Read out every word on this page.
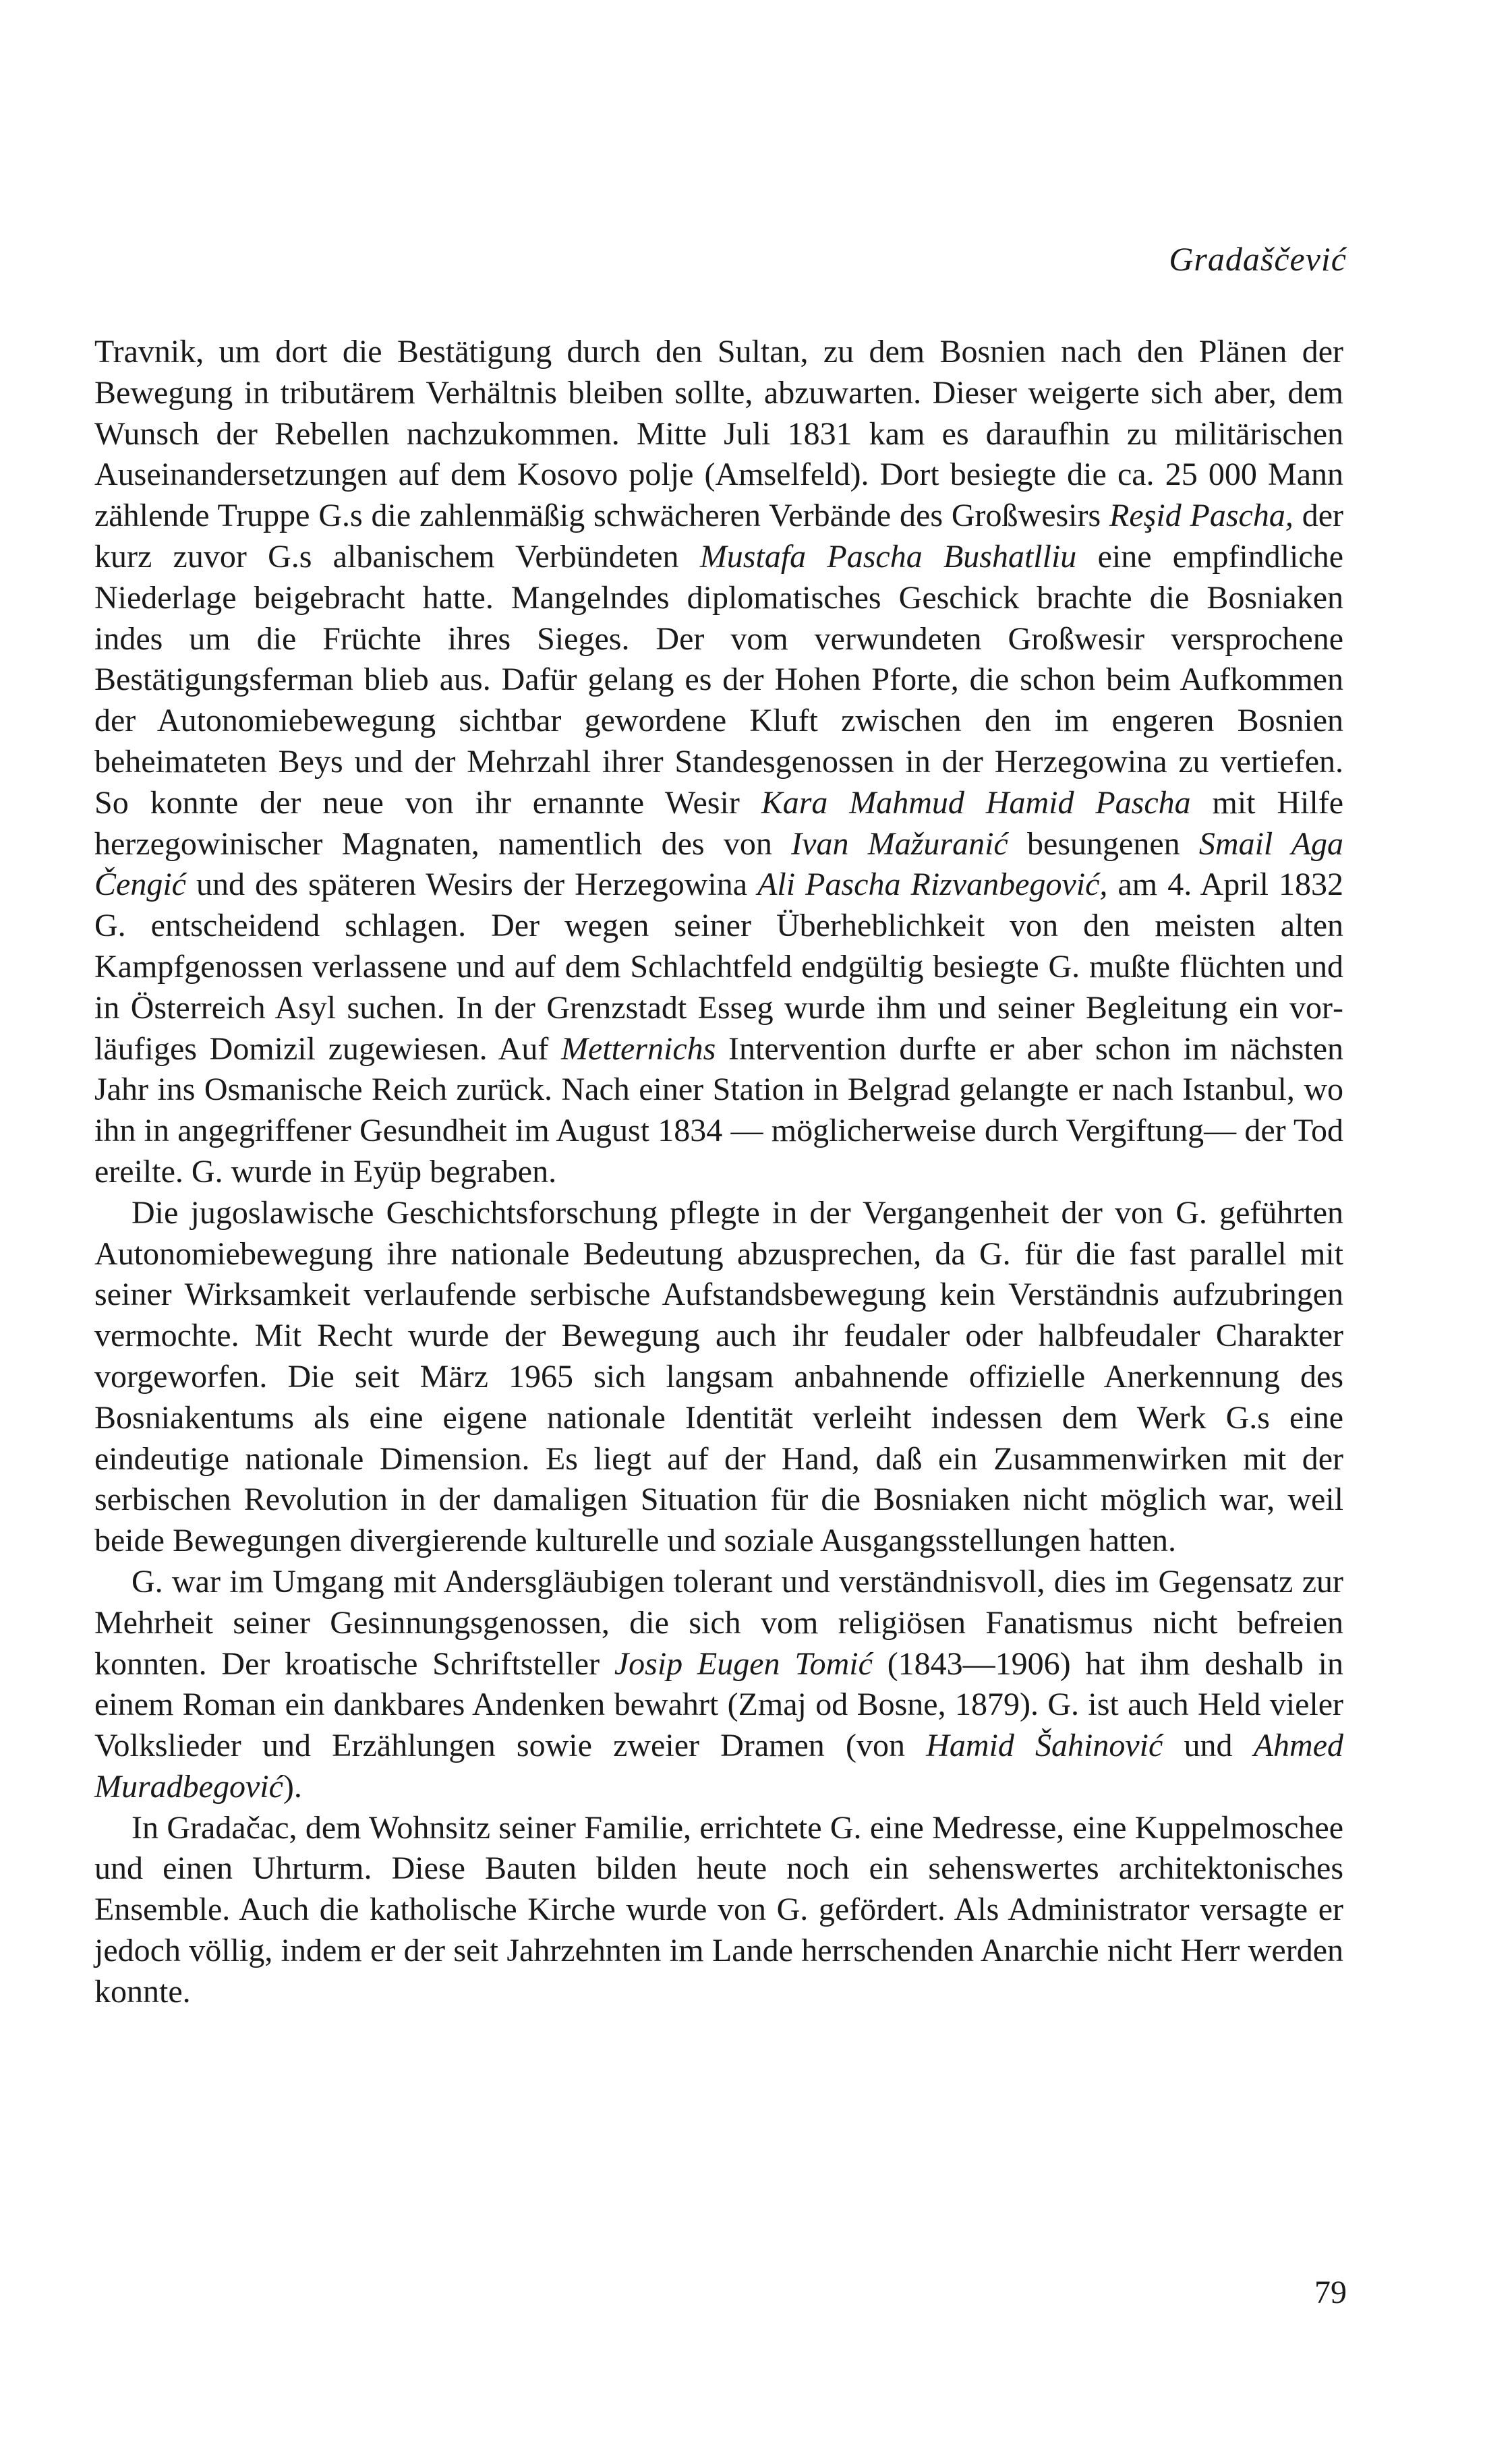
Gradaščević

Travnik, um dort die Bestätigung durch den Sultan, zu dem Bosnien nach den Plänen der Bewegung in tributärem Verhältnis bleiben sollte, abzuwarten. Dieser weigerte sich aber, dem Wunsch der Rebellen nachzukommen. Mitte Juli 1831 kam es daraufhin zu militärischen Auseinandersetzungen auf dem Kosovo polje (Amselfeld). Dort besiegte die ca. 25 000 Mann zählende Truppe G.s die zahlenmäßig schwächeren Verbände des Großwesirs Reşid Pascha, der kurz zuvor G.s albanischem Verbündeten Mustafa Pascha Bushatlliu eine empfindliche Niederlage beigebracht hatte. Mangelndes diplomatisches Geschick brachte die Bosniaken indes um die Früchte ihres Sieges. Der vom verwundeten Großwesir versprochene Bestätigungsferman blieb aus. Dafür gelang es der Hohen Pforte, die schon beim Aufkommen der Autonomiebewegung sichtbar gewordene Kluft zwischen den im engeren Bosnien beheimateten Beys und der Mehrzahl ihrer Standesgenossen in der Herzegowina zu vertiefen. So konnte der neue von ihr ernannte Wesir Kara Mahmud Hamid Pascha mit Hilfe herzegowinischer Magnaten, namentlich des von Ivan Mažuranić besungenen Smail Aga Čengić und des späteren Wesirs der Herzegowina Ali Pascha Rizvanbegović, am 4. April 1832 G. entscheidend schlagen. Der wegen seiner Überheblichkeit von den meisten alten Kampfgenossen verlassene und auf dem Schlachtfeld endgültig besiegte G. mußte flüchten und in Österreich Asyl suchen. In der Grenzstadt Esseg wurde ihm und seiner Begleitung ein vorläufiges Domizil zugewiesen. Auf Metternichs Intervention durfte er aber schon im nächsten Jahr ins Osmanische Reich zurück. Nach einer Station in Belgrad gelangte er nach Istanbul, wo ihn in angegriffener Gesundheit im August 1834 — möglicherweise durch Vergiftung— der Tod ereilte. G. wurde in Eyüp begraben.

Die jugoslawische Geschichtsforschung pflegte in der Vergangenheit der von G. geführten Autonomiebewegung ihre nationale Bedeutung abzusprechen, da G. für die fast parallel mit seiner Wirksamkeit verlaufende serbische Aufstandsbewegung kein Verständnis aufzubringen vermochte. Mit Recht wurde der Bewegung auch ihr feudaler oder halbfeudaler Charakter vorgeworfen. Die seit März 1965 sich langsam anbahnende offizielle Anerkennung des Bosniakentums als eine eigene nationale Identität verleiht indessen dem Werk G.s eine eindeutige nationale Dimension. Es liegt auf der Hand, daß ein Zusammenwirken mit der serbischen Revolution in der damaligen Situation für die Bosniaken nicht möglich war, weil beide Bewegungen divergierende kulturelle und soziale Ausgangsstellungen hatten.

G. war im Umgang mit Andersgläubigen tolerant und verständnisvoll, dies im Gegensatz zur Mehrheit seiner Gesinnungsgenossen, die sich vom religiösen Fanatismus nicht befreien konnten. Der kroatische Schriftsteller Josip Eugen Tomić (1843—1906) hat ihm deshalb in einem Roman ein dankbares Andenken bewahrt (Zmaj od Bosne, 1879). G. ist auch Held vieler Volkslieder und Erzählungen sowie zweier Dramen (von Hamid Šahinović und Ahmed Muradbegović).

In Gradačac, dem Wohnsitz seiner Familie, errichtete G. eine Medresse, eine Kuppelmoschee und einen Uhrturm. Diese Bauten bilden heute noch ein sehenswertes architektonisches Ensemble. Auch die katholische Kirche wurde von G. gefördert. Als Administrator versagte er jedoch völlig, indem er der seit Jahrzehnten im Lande herrschenden Anarchie nicht Herr werden konnte.

79
